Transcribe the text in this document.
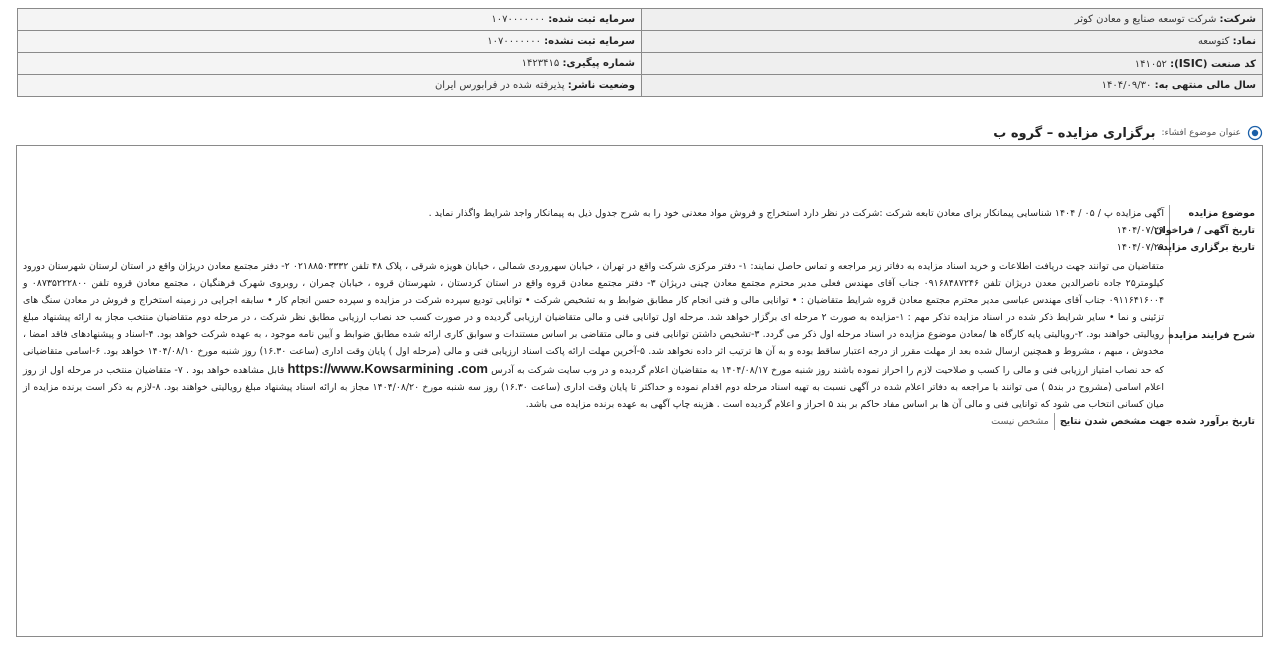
شرکت: شرکت توسعه صنایع و معادن کوثر	سرمایه ثبت شده: ۱۰۷۰۰۰۰۰۰۰
نماد: کتوسعه	سرمایه ثبت نشده: ۱۰۷۰۰۰۰۰۰۰
کد صنعت (ISIC): ۱۴۱۰۵۲	شماره پیگیری: ۱۴۲۳۴۱۵
سال مالی منتهی به: ۱۴۰۴/۰۹/۳۰	وضعیت ناشر: پذیرفته شده در فرابورس ایران
عنوان موضوع افشاء:
برگزاری مزایده – گروه ب
موضوع مزایده
آگهی مزایده پ / ۰۵ / ۱۴۰۴ شناسایی پیمانکار برای معادن تابعه شرکت :شرکت در نظر دارد استخراج و فروش مواد معدنی خود را به شرح جدول ذیل به پیمانکار واجد شرایط واگذار نماید .
تاریخ آگهی / فراخوان
۱۴۰۴/۰۷/۲۹
تاریخ برگزاری مزایده
۱۴۰۴/۰۷/۲۹
شرح فرایند مزایده
متقاضیان می توانند جهت دریافت اطلاعات و خرید اسناد مزایده به دفاتر زیر مراجعه و تماس حاصل نمایند: ۱- دفتر مرکزی شرکت واقع در تهران ، خیابان سهروردی شمالی ، خیابان هویزه شرقی ، پلاک ۴۸ تلفن ۰۲۱۸۸۵۰۳۳۳۲ ۲- دفتر مجتمع معادن دریژان واقع در استان لرستان شهرستان دورود کیلومتر۲۵ جاده ناصرالدین معدن دریژان تلفن ۰۹۱۶۸۴۸۷۲۴۶ جناب آقای مهندس فعلی مدیر محترم مجتمع معادن چینی دریژان ۳- دفتر مجتمع معادن قروه واقع در استان کردستان ، شهرستان قروه ، خیابان چمران ، روبروی شهرک فرهنگیان ، مجتمع معادن قروه تلفن ۰۸۷۳۵۲۲۲۸۰۰ و ۰۹۱۱۶۴۱۶۰۰۴ جناب آقای مهندس عباسی مدیر محترم مجتمع معادن قروه شرایط متقاضیان : • توانایی مالی و فنی انجام کار مطابق ضوابط و به تشخیص شرکت • توانایی تودیع سپرده شرکت در مزایده و سپرده حسن انجام کار • سابقه اجرایی در زمینه استخراج و فروش در معادن سنگ های تزئینی و نما • سایر شرایط ذکر شده در اسناد مزایده تذکر مهم : ۱-مزایده به صورت ۲ مرحله ای برگزار خواهد شد. مرحله اول توانایی فنی و مالی متقاضیان ارزیابی گردیده و در صورت کسب حد نصاب ارزیابی مطابق نظر شرکت ، در مرحله دوم متقاضیان منتخب مجاز به ارائه پیشنهاد مبلغ رویالیتی خواهند بود. ۲-رویالیتی پایه کارگاه ها /معادن موضوع مزایده در اسناد مرحله اول ذکر می گردد. ۳-تشخیص داشتن توانایی فنی و مالی متقاضی بر اساس مستندات و سوابق کاری ارائه شده مطابق ضوابط و آیین نامه موجود ، به عهده شرکت خواهد بود. ۴-اسناد و پیشنهادهای فاقد امضا ، مخدوش ، مبهم ، مشروط و همچنین ارسال شده بعد از مهلت مقرر از درجه اعتبار ساقط بوده و به آن ها ترتیب اثر داده نخواهد شد. ۵-آخرین مهلت ارائه پاکت اسناد ارزیابی فنی و مالی (مرحله اول ) پایان وقت اداری (ساعت ۱۶.۳۰) روز شنبه مورخ ۱۴۰۴/۰۸/۱۰ خواهد بود. ۶-اسامی متقاضیانی که حد نصاب امتیاز ارزیابی فنی و مالی را کسب و صلاحیت لازم را احراز نموده باشند روز شنبه مورخ ۱۴۰۴/۰۸/۱۷ به متقاضیان اعلام گردیده و در وب سایت شرکت به آدرس https://www.Kowsarmining .com قابل مشاهده خواهد بود . ۷- متقاضیان منتخب در مرحله اول از روز اعلام اسامی (مشروح در بند۵ ) می توانند با مراجعه به دفاتر اعلام شده در آگهی نسبت به تهیه اسناد مرحله دوم اقدام نموده و حداکثر تا پایان وقت اداری (ساعت ۱۶.۳۰) روز سه شنبه مورخ ۱۴۰۴/۰۸/۲۰ مجاز به ارائه اسناد پیشنهاد مبلغ رویالیتی خواهند بود. ۸-لازم به ذکر است برنده مزایده از میان کسانی انتخاب می شود که توانایی فنی و مالی آن ها بر اساس مفاد حاکم بر بند ۵ احراز و اعلام گردیده است . هزینه چاپ آگهی به عهده برنده مزایده می باشد.
تاریخ برآورد شده جهت مشخص شدن نتایج
مشخص نیست
